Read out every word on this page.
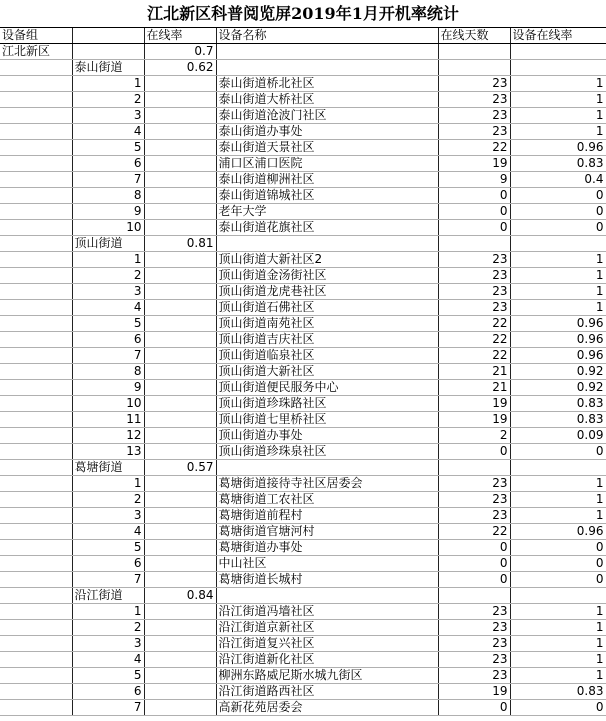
江北新区科普阅览屏2019年1月开机率统计
设备组		在线率	设备名称	在线天数	设备在线率
江北新区		0.7			
	泰山街道	0.62			
	1		泰山街道桥北社区	23	1
	2		泰山街道大桥社区	23	1
	3		泰山街道沧波门社区	23	1
	4		泰山街道办事处	23	1
	5		泰山街道天景社区	22	0.96
	6		浦口区浦口医院	19	0.83
	7		泰山街道柳洲社区	9	0.4
	8		泰山街道锦城社区	0	0
	9		老年大学	0	0
	10		泰山街道花旗社区	0	0
	顶山街道	0.81			
	1		顶山街道大新社区2	23	1
	2		顶山街道金汤街社区	23	1
	3		顶山街道龙虎巷社区	23	1
	4		顶山街道石佛社区	23	1
	5		顶山街道南苑社区	22	0.96
	6		顶山街道吉庆社区	22	0.96
	7		顶山街道临泉社区	22	0.96
	8		顶山街道大新社区	21	0.92
	9		顶山街道便民服务中心	21	0.92
	10		顶山街道珍珠路社区	19	0.83
	11		顶山街道七里桥社区	19	0.83
	12		顶山街道办事处	2	0.09
	13		顶山街道珍珠泉社区	0	0
	葛塘街道	0.57			
	1		葛塘街道接待寺社区居委会	23	1
	2		葛塘街道工农社区	23	1
	3		葛塘街道前程村	23	1
	4		葛塘街道官塘河村	22	0.96
	5		葛塘街道办事处	0	0
	6		中山社区	0	0
	7		葛塘街道长城村	0	0
	沿江街道	0.84			
	1		沿江街道冯墙社区	23	1
	2		沿江街道京新社区	23	1
	3		沿江街道复兴社区	23	1
	4		沿江街道新化社区	23	1
	5		柳洲东路威尼斯水城九街区	23	1
	6		沿江街道路西社区	19	0.83
	7		高新花苑居委会	0	0
